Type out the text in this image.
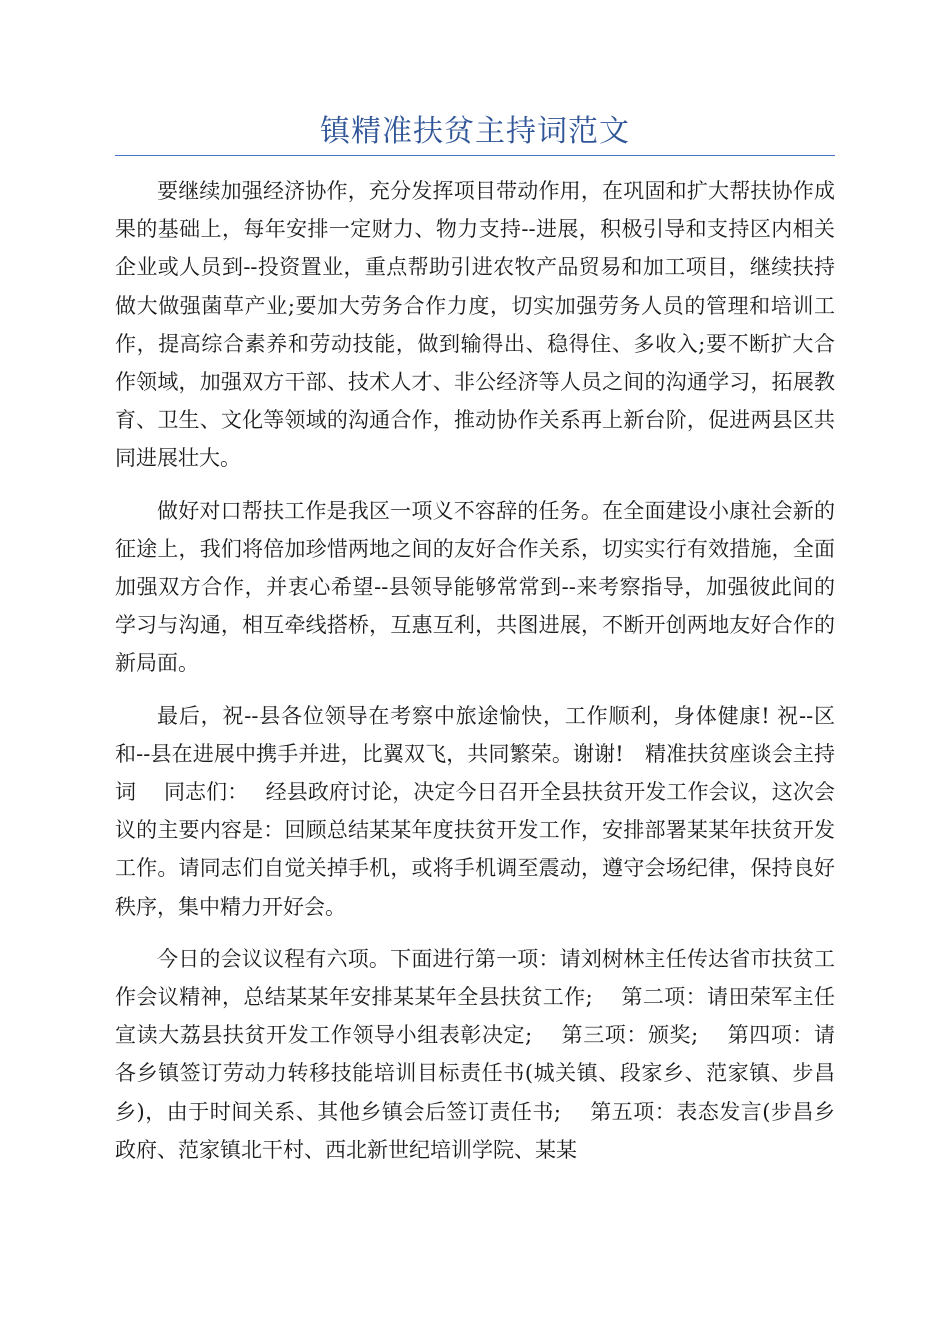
镇精准扶贫主持词范文

要继续加强经济协作，充分发挥项目带动作用，在巩固和扩大帮扶协作成果的基础上，每年安排一定财力、物力支持--进展，积极引导和支持区内相关企业或人员到--投资置业，重点帮助引进农牧产品贸易和加工项目，继续扶持做大做强菌草产业;要加大劳务合作力度，切实加强劳务人员的管理和培训工作，提高综合素养和劳动技能，做到输得出、稳得住、多收入;要不断扩大合作领域，加强双方干部、技术人才、非公经济等人员之间的沟通学习，拓展教育、卫生、文化等领域的沟通合作，推动协作关系再上新台阶，促进两县区共同进展壮大。

做好对口帮扶工作是我区一项义不容辞的任务。在全面建设小康社会新的征途上，我们将倍加珍惜两地之间的友好合作关系，切实实行有效措施，全面加强双方合作，并衷心希望--县领导能够常常到--来考察指导，加强彼此间的学习与沟通，相互牵线搭桥，互惠互利，共图进展，不断开创两地友好合作的新局面。

最后，祝--县各位领导在考察中旅途愉快，工作顺利，身体健康! 祝--区和--县在进展中携手并进，比翼双飞，共同繁荣。谢谢!　精准扶贫座谈会主持词　 同志们：　 经县政府讨论，决定今日召开全县扶贫开发工作会议，这次会议的主要内容是：回顾总结某某年度扶贫开发工作，安排部署某某年扶贫开发工作。请同志们自觉关掉手机，或将手机调至震动，遵守会场纪律，保持良好秩序，集中精力开好会。

今日的会议议程有六项。下面进行第一项：请刘树林主任传达省市扶贫工作会议精神，总结某某年安排某某年全县扶贫工作;　 第二项：请田荣军主任宣读大荔县扶贫开发工作领导小组表彰决定;　 第三项：颁奖;　 第四项：请各乡镇签订劳动力转移技能培训目标责任书(城关镇、段家乡、范家镇、步昌乡)，由于时间关系、其他乡镇会后签订责任书;　 第五项：表态发言(步昌乡政府、范家镇北干村、西北新世纪培训学院、某某
